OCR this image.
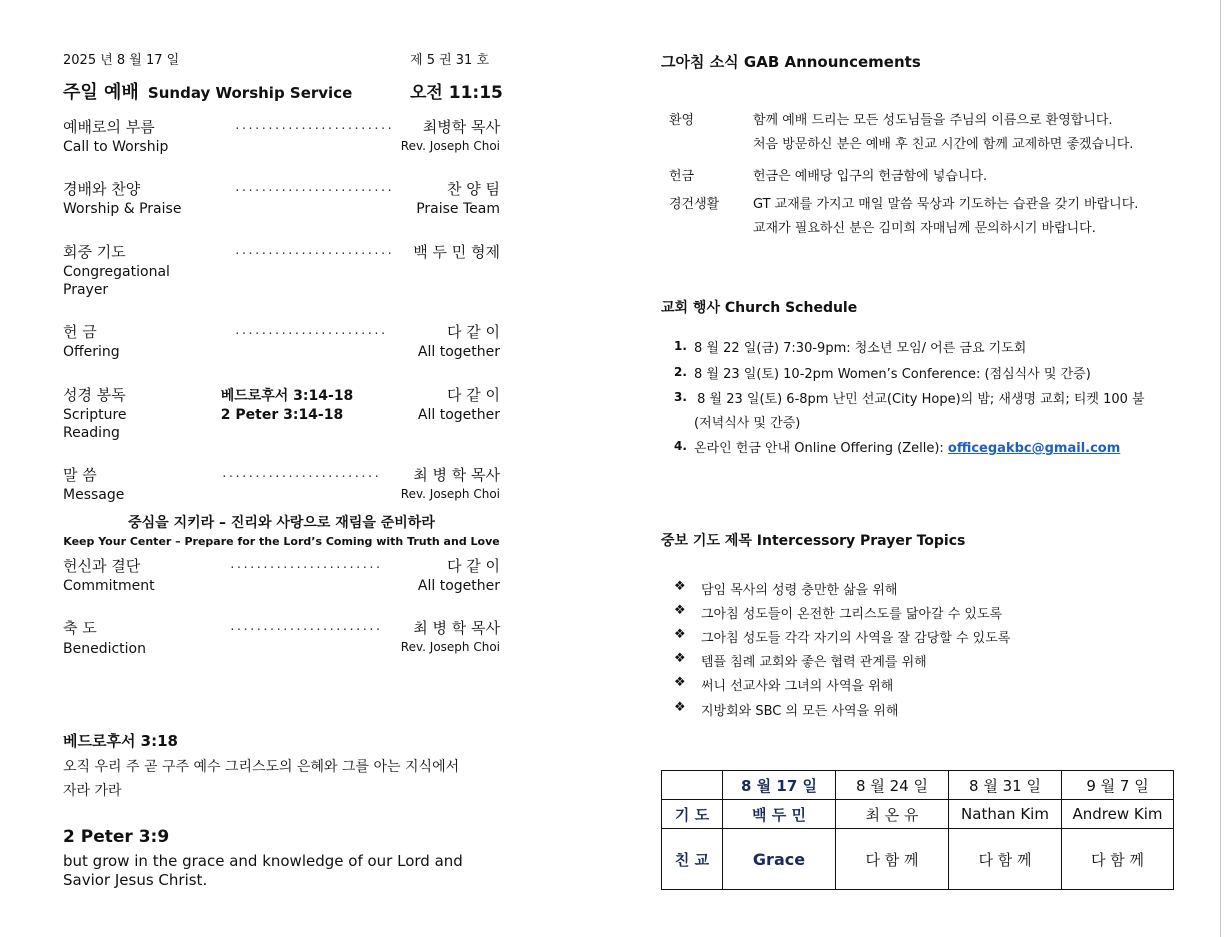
2025 년 8 월 17 일	제 5 권 31 호
주일 예배 Sunday Worship Service	오전 11:15
예배로의 부름
Call to Worship
........................ 최병학 목사
Rev. Joseph Choi
경배와 찬양
Worship & Praise
........................	찬 양 팀
Praise Team
회중 기도
Congregational
Prayer
........................ 백 두 민 형제
헌 금
Offering
.......................	다 같 이
All together
성경 봉독
Scripture
Reading
베드로후서 3:14-18
2 Peter 3:14-18
다 같 이
All together
말 씀
Message
........................ 최 병 학 목사
Rev. Joseph Choi
중심을 지키라 – 진리와 사랑으로 재림을 준비하라
Keep Your Center – Prepare for the Lord’s Coming with Truth and Love
헌신과 결단
Commitment
.......................	다 같 이
All together
축 도
Benediction
....................... 최 병 학 목사
Rev. Joseph Choi
베드로후서 3:18
오직 우리 주 곧 구주 예수 그리스도의 은혜와 그를 아는 지식에서
자라 가라
2 Peter 3:9
but grow in the grace and knowledge of our Lord and
Savior Jesus Christ.
그아침 소식 GAB Announcements
환영	함께 예배 드리는 모든 성도님들을 주님의 이름으로 환영합니다.
처음 방문하신 분은 예배 후 친교 시간에 함께 교제하면 좋겠습니다.
헌금	헌금은 예배당 입구의 헌금함에 넣습니다.
경건생활	GT 교재를 가지고 매일 말씀 묵상과 기도하는 습관을 갖기 바랍니다.
교재가 필요하신 분은 김미희 자매님께 문의하시기 바랍니다.
교회 행사 Church Schedule
1. 8 월 22 일(금) 7:30-9pm: 청소년 모임/ 어른 금요 기도회
2. 8 월 23 일(토) 10-2pm Women’s Conference: (점심식사 및 간증)
3. 8 월 23 일(토) 6-8pm 난민 선교(City Hope)의 밤; 새생명 교회; 티켓 100 불
(저녁식사 및 간증)
4. 온라인 헌금 안내 Online Offering (Zelle): officegakbc@gmail.com
중보 기도 제목 Intercessory Prayer Topics
❖ 담임 목사의 성령 충만한 삶을 위해
❖ 그아침 성도들이 온전한 그리스도를 닮아갈 수 있도록
❖ 그아침 성도들 각각 자기의 사역을 잘 감당할 수 있도록
❖ 템플 침례 교회와 좋은 협력 관계를 위해
❖ 써니 선교사와 그녀의 사역을 위해
❖ 지방회와 SBC 의 모든 사역을 위해
	8 월 17 일	8 월 24 일	8 월 31 일	9 월 7 일
기 도	백 두 민	최 온 유	Nathan Kim	Andrew Kim
친 교	Grace	다 함 께	다 함 께	다 함 께
